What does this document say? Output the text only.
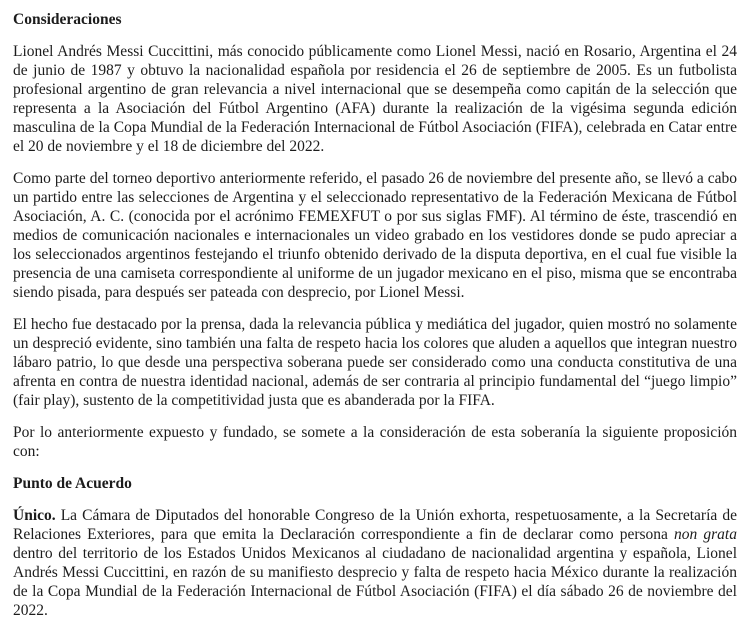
Consideraciones

Lionel Andrés Messi Cuccittini, más conocido públicamente como Lionel Messi, nació en Rosario, Argentina el 24 de junio de 1987 y obtuvo la nacionalidad española por residencia el 26 de septiembre de 2005. Es un futbolista profesional argentino de gran relevancia a nivel internacional que se desempeña como capitán de la selección que representa a la Asociación del Fútbol Argentino (AFA) durante la realización de la vigésima segunda edición masculina de la Copa Mundial de la Federación Internacional de Fútbol Asociación (FIFA), celebrada en Catar entre el 20 de noviembre y el 18 de diciembre del 2022.

Como parte del torneo deportivo anteriormente referido, el pasado 26 de noviembre del presente año, se llevó a cabo un partido entre las selecciones de Argentina y el seleccionado representativo de la Federación Mexicana de Fútbol Asociación, A. C. (conocida por el acrónimo FEMEXFUT o por sus siglas FMF). Al término de éste, trascendió en medios de comunicación nacionales e internacionales un video grabado en los vestidores donde se pudo apreciar a los seleccionados argentinos festejando el triunfo obtenido derivado de la disputa deportiva, en el cual fue visible la presencia de una camiseta correspondiente al uniforme de un jugador mexicano en el piso, misma que se encontraba siendo pisada, para después ser pateada con desprecio, por Lionel Messi.

El hecho fue destacado por la prensa, dada la relevancia pública y mediática del jugador, quien mostró no solamente un despreció evidente, sino también una falta de respeto hacia los colores que aluden a aquellos que integran nuestro lábaro patrio, lo que desde una perspectiva soberana puede ser considerado como una conducta constitutiva de una afrenta en contra de nuestra identidad nacional, además de ser contraria al principio fundamental del “juego limpio” (fair play), sustento de la competitividad justa que es abanderada por la FIFA.

Por lo anteriormente expuesto y fundado, se somete a la consideración de esta soberanía la siguiente proposición con:

Punto de Acuerdo

Único. La Cámara de Diputados del honorable Congreso de la Unión exhorta, respetuosamente, a la Secretaría de Relaciones Exteriores, para que emita la Declaración correspondiente a fin de declarar como persona non grata dentro del territorio de los Estados Unidos Mexicanos al ciudadano de nacionalidad argentina y española, Lionel Andrés Messi Cuccittini, en razón de su manifiesto desprecio y falta de respeto hacia México durante la realización de la Copa Mundial de la Federación Internacional de Fútbol Asociación (FIFA) el día sábado 26 de noviembre del 2022.
